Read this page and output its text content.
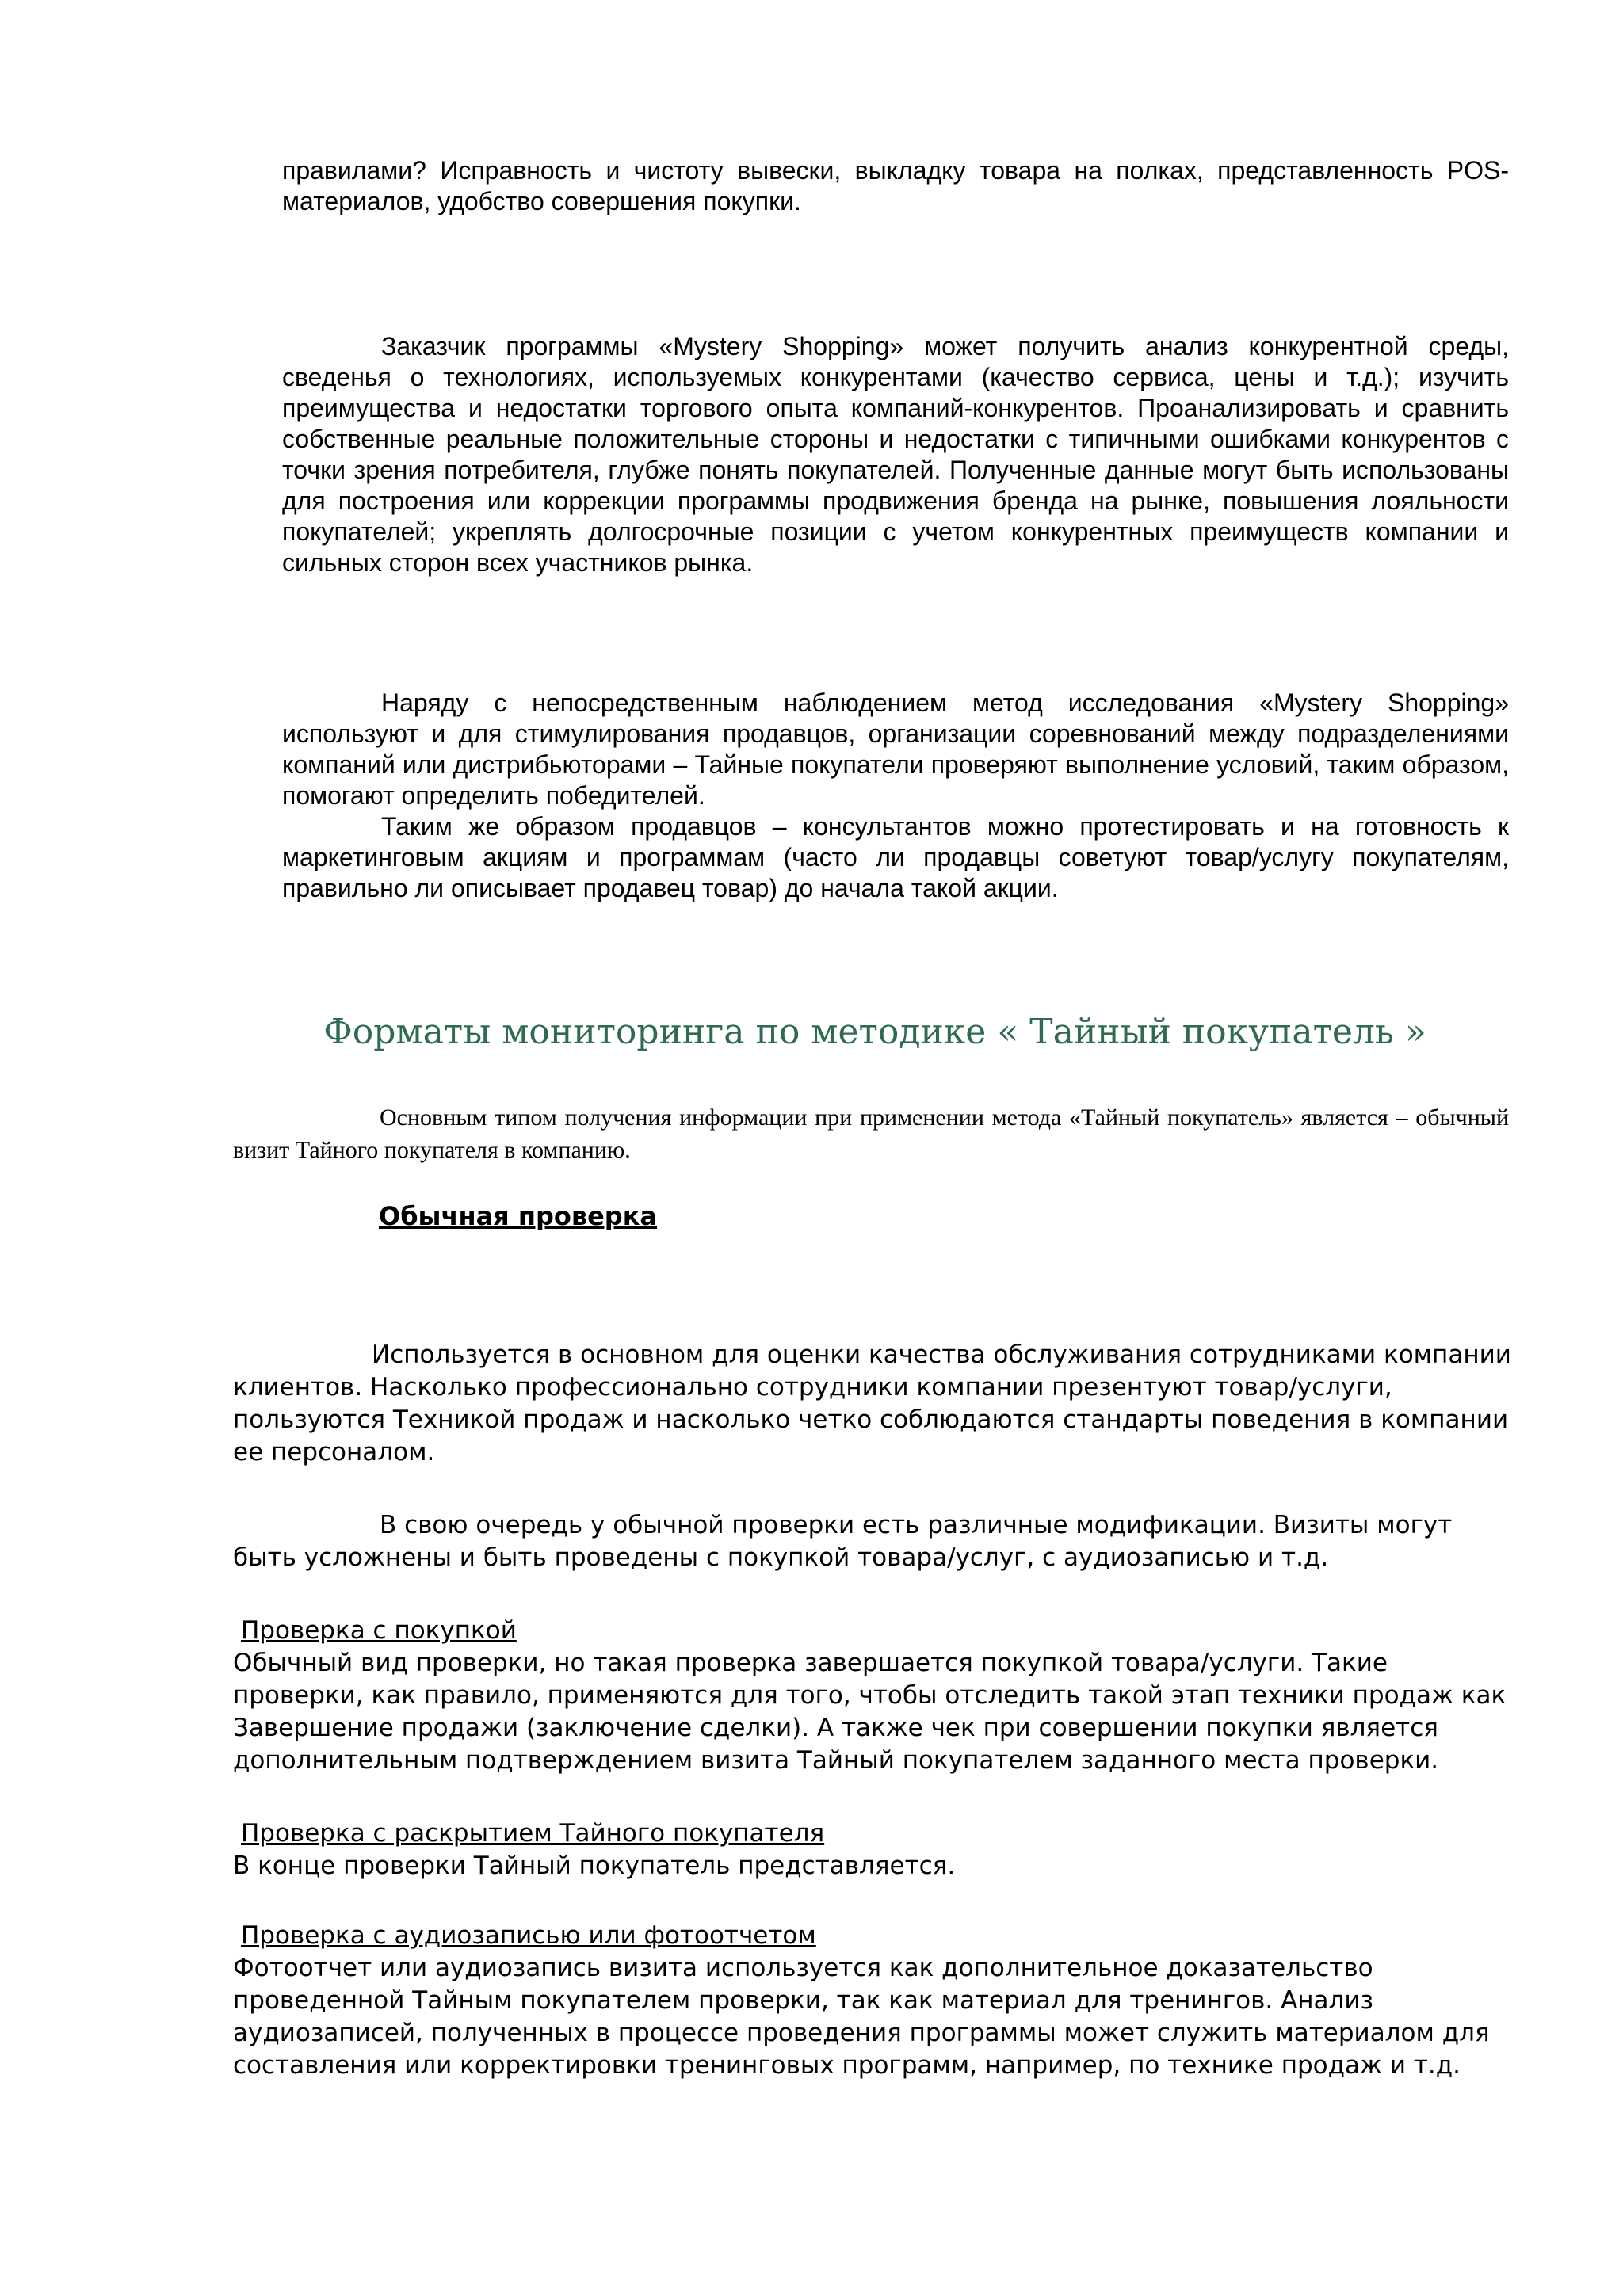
правилами? Исправность и чистоту вывески, выкладку товара на полках, представленность POS-материалов, удобство совершения покупки.

Заказчик программы «Mystery Shopping» может получить анализ конкурентной среды, сведенья о технологиях, используемых конкурентами (качество сервиса, цены и т.д.); изучить преимущества и недостатки торгового опыта компаний-конкурентов. Проанализировать и сравнить собственные реальные положительные стороны и недостатки с типичными ошибками конкурентов с точки зрения потребителя, глубже понять покупателей. Полученные данные могут быть использованы для построения или коррекции программы продвижения бренда на рынке, повышения лояльности покупателей; укреплять долгосрочные позиции с учетом конкурентных преимуществ компании и сильных сторон всех участников рынка.

Наряду с непосредственным наблюдением метод исследования «Mystery Shopping» используют и для стимулирования продавцов, организации соревнований между подразделениями компаний или дистрибьюторами – Тайные покупатели проверяют выполнение условий, таким образом, помогают определить победителей.

Таким же образом продавцов – консультантов можно протестировать и на готовность к маркетинговым акциям и программам (часто ли продавцы советуют товар/услугу покупателям, правильно ли описывает продавец товар) до начала такой акции.

Форматы мониторинга по методике « Тайный покупатель »

Основным типом получения информации при применении метода «Тайный покупатель» является – обычный визит Тайного покупателя в компанию.

Обычная проверка

Используется в основном для оценки качества обслуживания сотрудниками компании клиентов. Насколько профессионально сотрудники компании презентуют товар/услуги, пользуются Техникой продаж и насколько четко соблюдаются стандарты поведения в компании ее персоналом.

В свою очередь у обычной проверки есть различные модификации. Визиты могут быть усложнены и быть проведены с покупкой товара/услуг, с аудиозаписью и т.д.

Проверка с покупкой

Обычный вид проверки, но такая проверка завершается покупкой товара/услуги. Такие проверки, как правило, применяются для того, чтобы отследить такой этап техники продаж как Завершение продажи (заключение сделки). А также чек при совершении покупки является дополнительным подтверждением визита Тайный покупателем заданного места проверки.

Проверка с раскрытием Тайного покупателя

В конце проверки Тайный покупатель представляется.

Проверка с аудиозаписью или фотоотчетом

Фотоотчет или аудиозапись визита используется как дополнительное доказательство проведенной Тайным покупателем проверки, так как материал для тренингов. Анализ аудиозаписей, полученных в процессе проведения программы может служить материалом для составления или корректировки тренинговых программ, например, по технике продаж и т.д.
